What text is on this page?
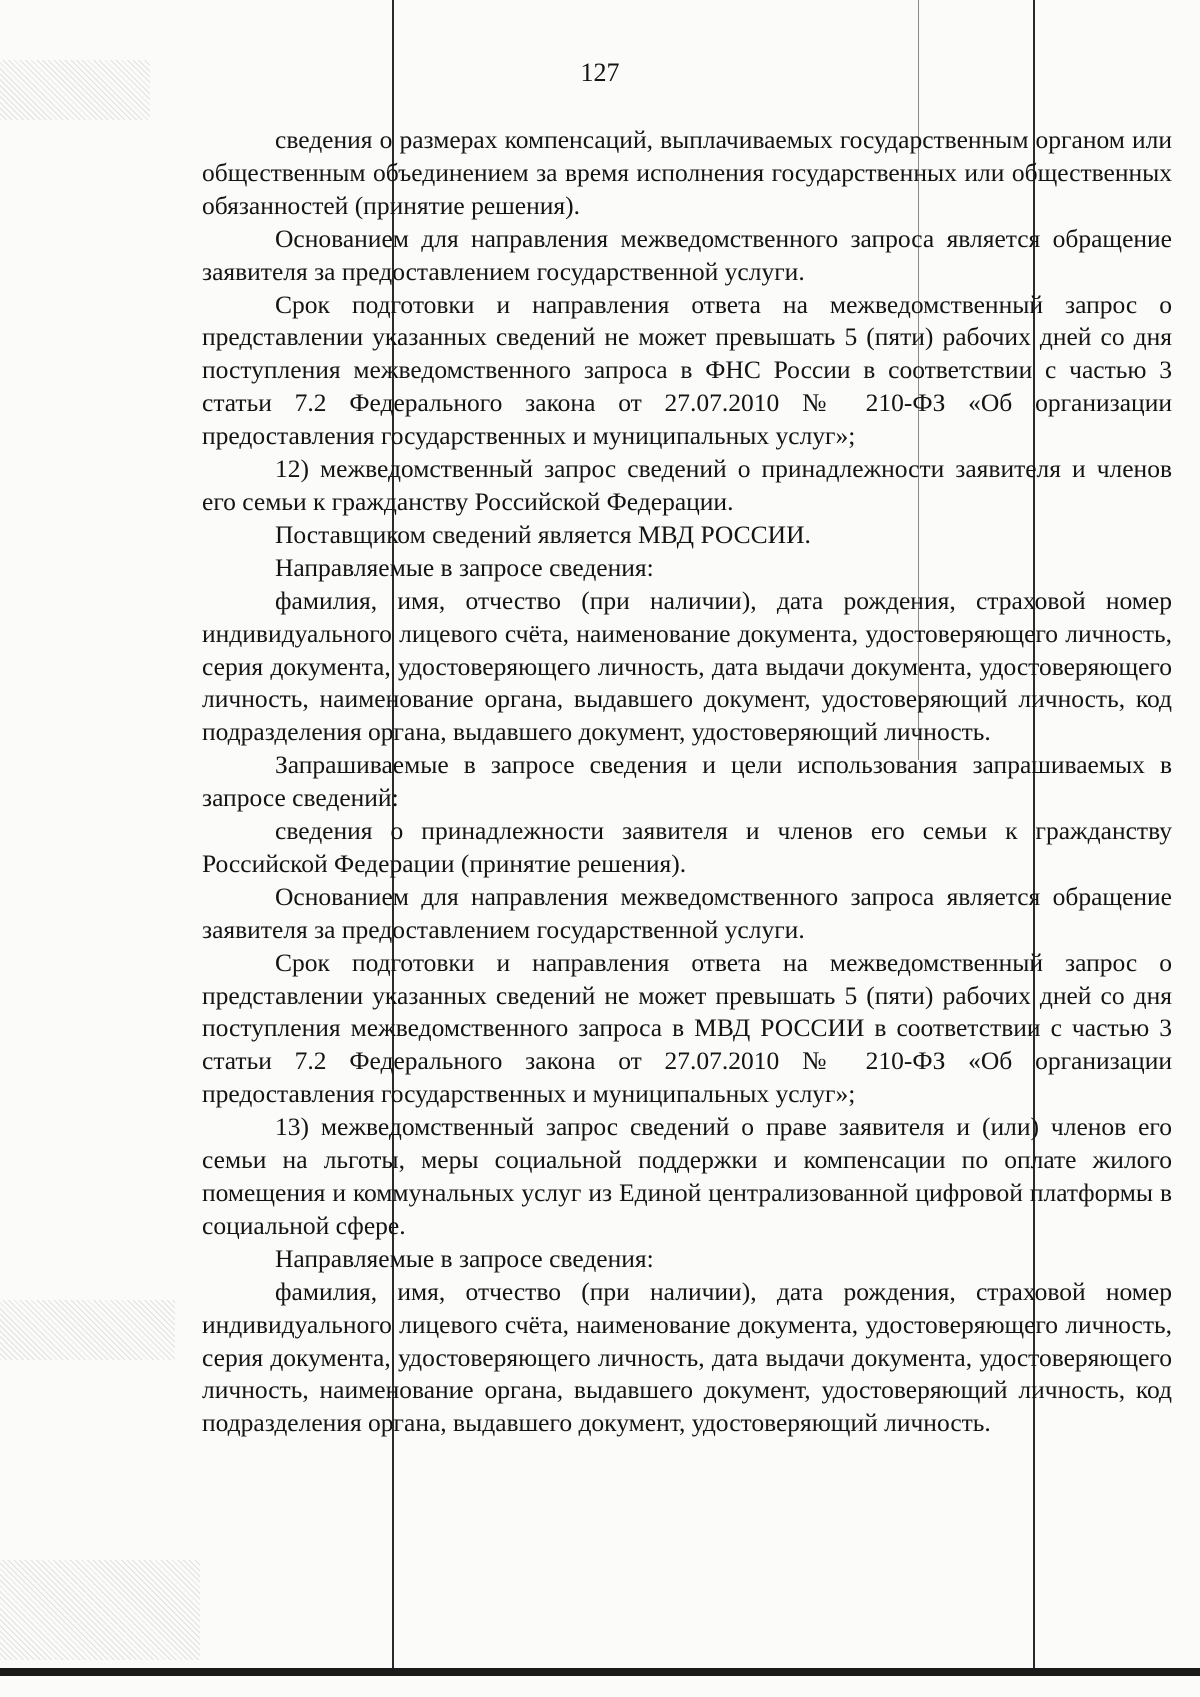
127

сведения о размерах компенсаций, выплачиваемых государственным органом или общественным объединением за время исполнения государственных или общественных обязанностей (принятие решения).

Основанием для направления межведомственного запроса является обращение заявителя за предоставлением государственной услуги.

Срок подготовки и направления ответа на межведомственный запрос о представлении указанных сведений не может превышать 5 (пяти) рабочих дней со дня поступления межведомственного запроса в ФНС России в соответствии с частью 3 статьи 7.2 Федерального закона от 27.07.2010 № 210-ФЗ «Об организации предоставления государственных и муниципальных услуг»;

12) межведомственный запрос сведений о принадлежности заявителя и членов его семьи к гражданству Российской Федерации.

Поставщиком сведений является МВД РОССИИ.

Направляемые в запросе сведения:

фамилия, имя, отчество (при наличии), дата рождения, страховой номер индивидуального лицевого счёта, наименование документа, удостоверяющего личность, серия документа, удостоверяющего личность, дата выдачи документа, удостоверяющего личность, наименование органа, выдавшего документ, удостоверяющий личность, код подразделения органа, выдавшего документ, удостоверяющий личность.

Запрашиваемые в запросе сведения и цели использования запрашиваемых в запросе сведений:

сведения о принадлежности заявителя и членов его семьи к гражданству Российской Федерации (принятие решения).

Основанием для направления межведомственного запроса является обращение заявителя за предоставлением государственной услуги.

Срок подготовки и направления ответа на межведомственный запрос о представлении указанных сведений не может превышать 5 (пяти) рабочих дней со дня поступления межведомственного запроса в МВД РОССИИ в соответствии с частью 3 статьи 7.2 Федерального закона от 27.07.2010 № 210-ФЗ «Об организации предоставления государственных и муниципальных услуг»;

13) межведомственный запрос сведений о праве заявителя и (или) членов его семьи на льготы, меры социальной поддержки и компенсации по оплате жилого помещения и коммунальных услуг из Единой централизованной цифровой платформы в социальной сфере.

Направляемые в запросе сведения:

фамилия, имя, отчество (при наличии), дата рождения, страховой номер индивидуального лицевого счёта, наименование документа, удостоверяющего личность, серия документа, удостоверяющего личность, дата выдачи документа, удостоверяющего личность, наименование органа, выдавшего документ, удостоверяющий личность, код подразделения органа, выдавшего документ, удостоверяющий личность.
